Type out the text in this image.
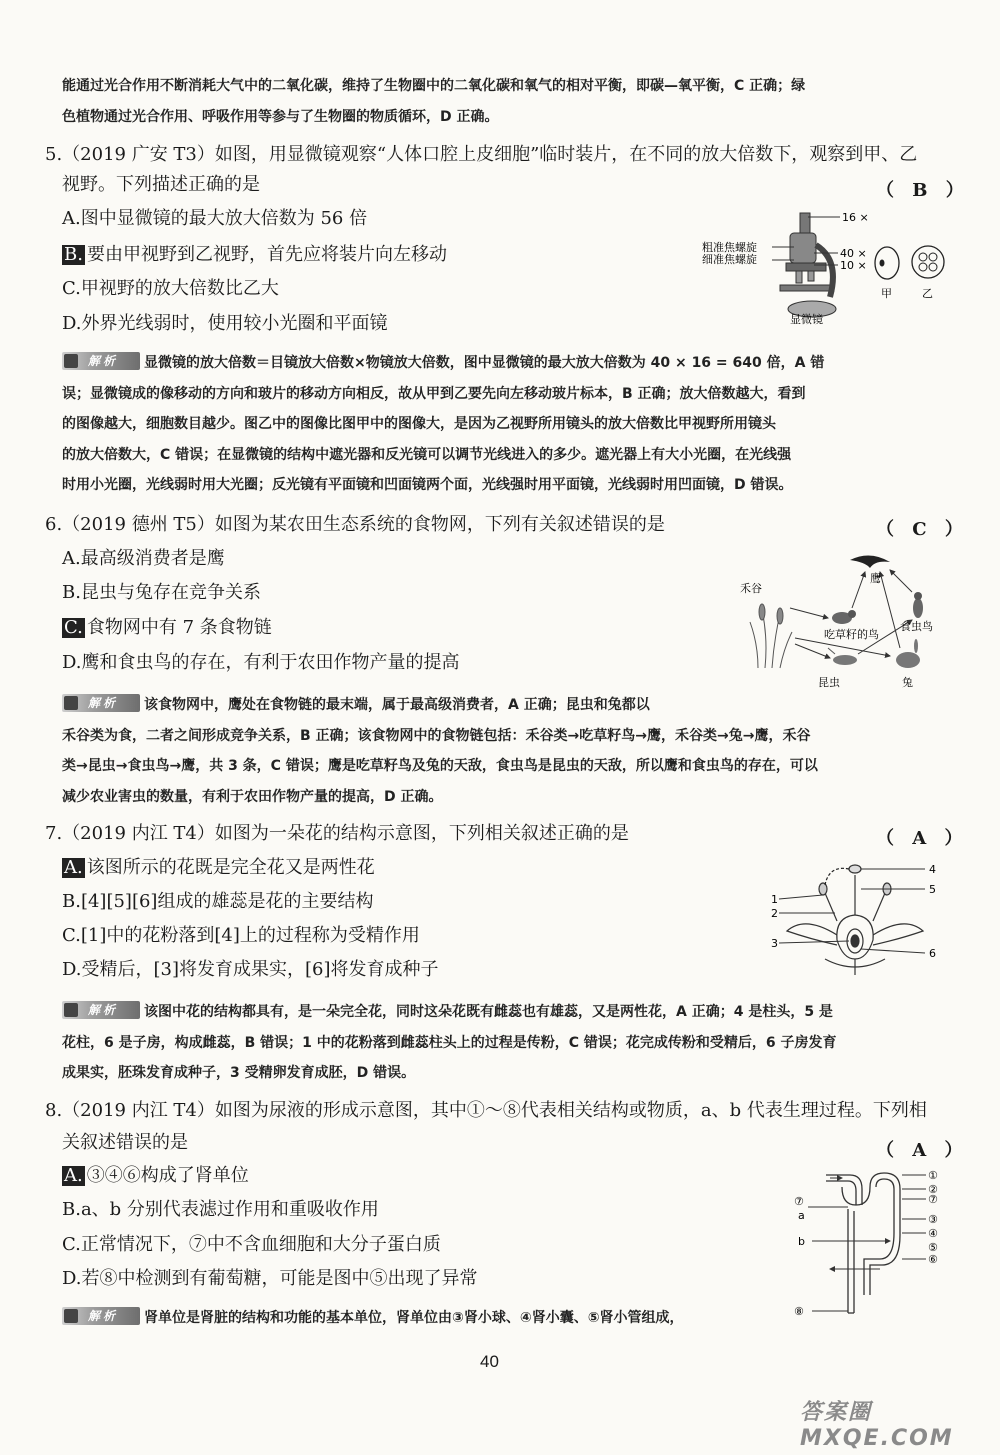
能通过光合作用不断消耗大气中的二氧化碳，维持了生物圈中的二氧化碳和氧气的相对平衡，即碳—氧平衡，C 正确；绿
色植物通过光合作用、呼吸作用等参与了生物圈的物质循环，D 正确。
5.（2019 广安 T3）如图，用显微镜观察“人体口腔上皮细胞”临时装片，在不同的放大倍数下，观察到甲、乙
视野。下列描述正确的是	（ B ）
A.图中显微镜的最大放大倍数为 56 倍
B. 要由甲视野到乙视野，首先应将装片向左移动
C.甲视野的放大倍数比乙大
D.外界光线弱时，使用较小光圈和平面镜
16 ×
粗准焦螺旋
细准焦螺旋	40 ×
10 ×
甲	乙
显微镜
解析 显微镜的放大倍数＝目镜放大倍数×物镜放大倍数，图中显微镜的最大放大倍数为 40 × 16 = 640 倍，A 错
误；显微镜成的像移动的方向和玻片的移动方向相反，故从甲到乙要先向左移动玻片标本，B 正确；放大倍数越大，看到
的图像越大，细胞数目越少。图乙中的图像比图甲中的图像大，是因为乙视野所用镜头的放大倍数比甲视野所用镜头
的放大倍数大，C 错误；在显微镜的结构中遮光器和反光镜可以调节光线进入的多少。遮光器上有大小光圈，在光线强
时用小光圈，光线弱时用大光圈；反光镜有平面镜和凹面镜两个面，光线强时用平面镜，光线弱时用凹面镜，D 错误。
6.（2019 德州 T5）如图为某农田生态系统的食物网，下列有关叙述错误的是	（ C ）
A.最高级消费者是鹰
B.昆虫与兔存在竞争关系
C. 食物网中有 7 条食物链
D.鹰和食虫鸟的存在，有利于农田作物产量的提高
鹰
禾谷
吃草籽的鸟
食虫鸟
昆虫	兔
解析 该食物网中，鹰处在食物链的最末端，属于最高级消费者，A 正确；昆虫和兔都以
禾谷类为食，二者之间形成竞争关系，B 正确；该食物网中的食物链包括：禾谷类→吃草籽鸟→鹰，禾谷类→兔→鹰，禾谷
类→昆虫→食虫鸟→鹰，共 3 条，C 错误；鹰是吃草籽鸟及兔的天敌，食虫鸟是昆虫的天敌，所以鹰和食虫鸟的存在，可以
减少农业害虫的数量，有利于农田作物产量的提高，D 正确。
7.（2019 内江 T4）如图为一朵花的结构示意图，下列相关叙述正确的是	（ A ）
A. 该图所示的花既是完全花又是两性花
B.[4][5][6]组成的雄蕊是花的主要结构
C.[1]中的花粉落到[4]上的过程称为受精作用
D.受精后，[3]将发育成果实，[6]将发育成种子
4
5
6
1
2
3
解析 该图中花的结构都具有，是一朵完全花，同时这朵花既有雌蕊也有雄蕊，又是两性花，A 正确；4 是柱头，5 是
花柱，6 是子房，构成雌蕊，B 错误；1 中的花粉落到雌蕊柱头上的过程是传粉，C 错误；花完成传粉和受精后，6 子房发育
成果实，胚珠发育成种子，3 受精卵发育成胚，D 错误。
8.（2019 内江 T4）如图为尿液的形成示意图，其中①～⑧代表相关结构或物质，a、b 代表生理过程。下列相
关叙述错误的是	（ A ）
A. ③④⑥构成了肾单位
B.a、b 分别代表滤过作用和重吸收作用
C.正常情况下，⑦中不含血细胞和大分子蛋白质
D.若⑧中检测到有葡萄糖，可能是图中⑤出现了异常
①
②
⑦
③
④
⑤
⑥
⑦
a
b
⑧
解析 肾单位是肾脏的结构和功能的基本单位，肾单位由③肾小球、④肾小囊、⑤肾小管组成，
40
答案圈 MXQE.COM
